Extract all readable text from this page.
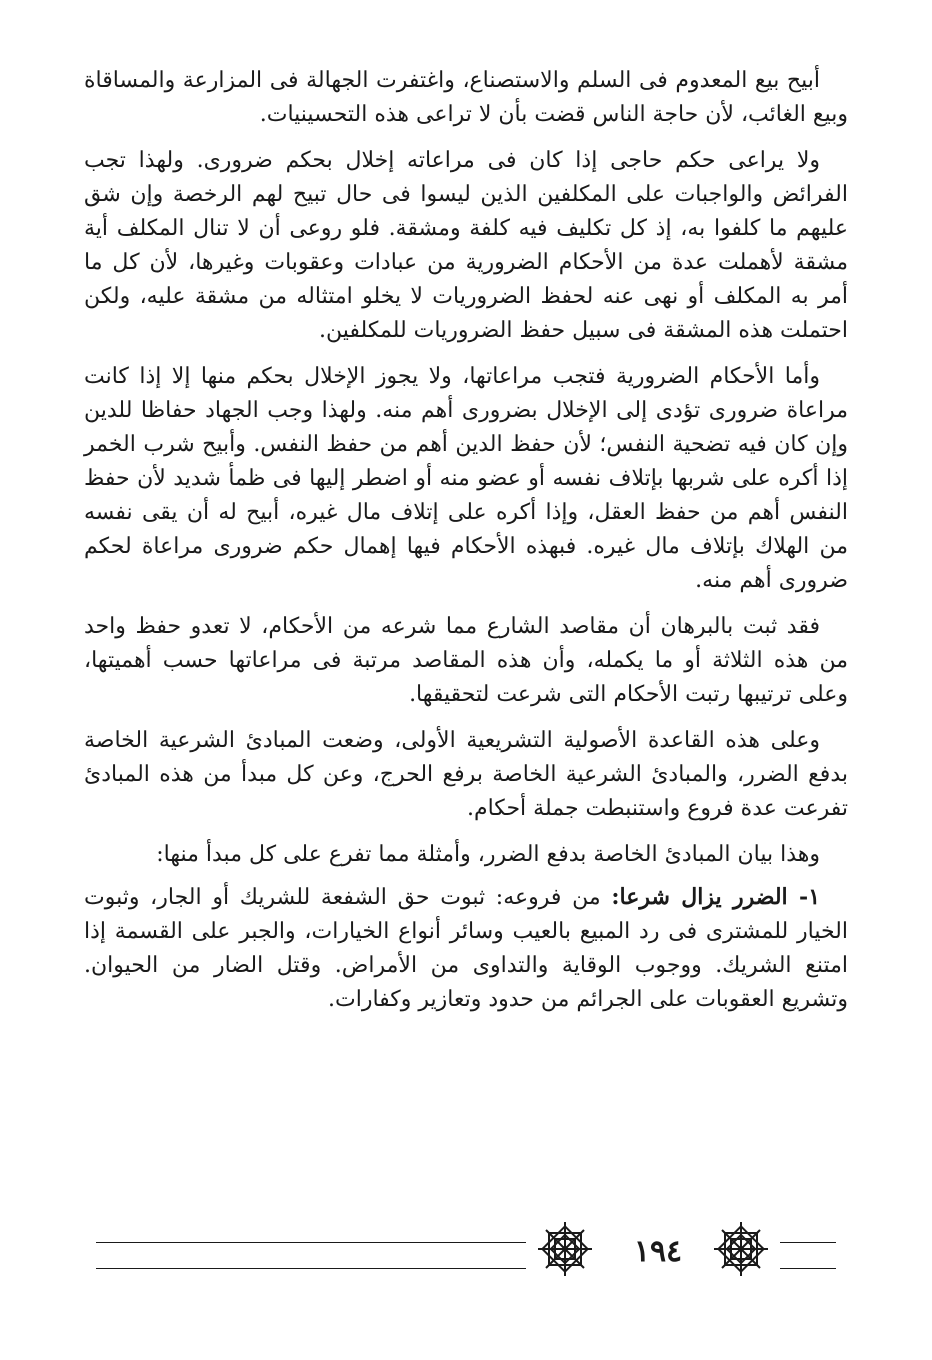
أبيح بيع المعدوم فى السلم والاستصناع، واغتفرت الجهالة فى المزارعة والمساقاة وبيع الغائب، لأن حاجة الناس قضت بأن لا تراعى هذه التحسينيات.

ولا يراعى حكم حاجى إذا كان فى مراعاته إخلال بحكم ضرورى. ولهذا تجب الفرائض والواجبات على المكلفين الذين ليسوا فى حال تبيح لهم الرخصة وإن شق عليهم ما كلفوا به، إذ كل تكليف فيه كلفة ومشقة. فلو روعى أن لا تنال المكلف أية مشقة لأهملت عدة من الأحكام الضرورية من عبادات وعقوبات وغيرها، لأن كل ما أمر به المكلف أو نهى عنه لحفظ الضروريات لا يخلو امتثاله من مشقة عليه، ولكن احتملت هذه المشقة فى سبيل حفظ الضروريات للمكلفين.

وأما الأحكام الضرورية فتجب مراعاتها، ولا يجوز الإخلال بحكم منها إلا إذا كانت مراعاة ضرورى تؤدى إلى الإخلال بضرورى أهم منه. ولهذا وجب الجهاد حفاظا للدين وإن كان فيه تضحية النفس؛ لأن حفظ الدين أهم من حفظ النفس. وأبيح شرب الخمر إذا أكره على شربها بإتلاف نفسه أو عضو منه أو اضطر إليها فى ظمأ شديد لأن حفظ النفس أهم من حفظ العقل، وإذا أكره على إتلاف مال غيره، أبيح له أن يقى نفسه من الهلاك بإتلاف مال غيره. فبهذه الأحكام فيها إهمال حكم ضرورى مراعاة لحكم ضرورى أهم منه.

فقد ثبت بالبرهان أن مقاصد الشارع مما شرعه من الأحكام، لا تعدو حفظ واحد من هذه الثلاثة أو ما يكمله، وأن هذه المقاصد مرتبة فى مراعاتها حسب أهميتها، وعلى ترتيبها رتبت الأحكام التى شرعت لتحقيقها.

وعلى هذه القاعدة الأصولية التشريعية الأولى، وضعت المبادئ الشرعية الخاصة بدفع الضرر، والمبادئ الشرعية الخاصة برفع الحرج، وعن كل مبدأ من هذه المبادئ تفرعت عدة فروع واستنبطت جملة أحكام.

وهذا بيان المبادئ الخاصة بدفع الضرر، وأمثلة مما تفرع على كل مبدأ منها:

١- الضرر يزال شرعا: من فروعه: ثبوت حق الشفعة للشريك أو الجار، وثبوت الخيار للمشترى فى رد المبيع بالعيب وسائر أنواع الخيارات، والجبر على القسمة إذا امتنع الشريك. ووجوب الوقاية والتداوى من الأمراض. وقتل الضار من الحيوان. وتشريع العقوبات على الجرائم من حدود وتعازير وكفارات.

١٩٤
